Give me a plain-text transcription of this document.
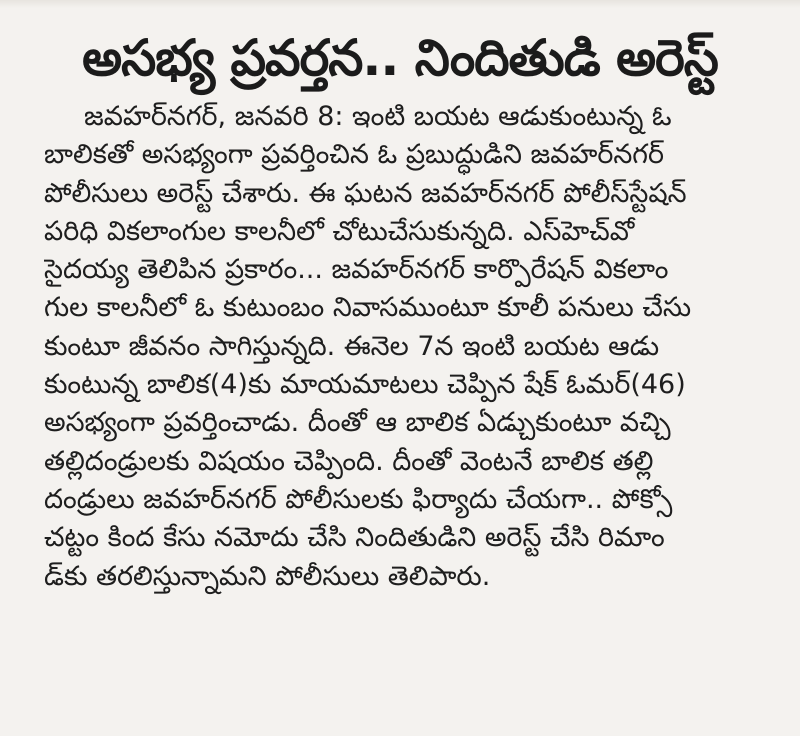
అసభ్య ప్రవర్తన.. నిందితుడి అరెస్ట్
జవహర్‌నగర్, జనవరి 8: ఇంటి బయట ఆడుకుంటున్న ఓ
బాలికతో అసభ్యంగా ప్రవర్తించిన ఓ ప్రబుద్ధుడిని జవహర్‌నగర్
పోలీసులు అరెస్ట్ చేశారు. ఈ ఘటన జవహర్‌నగర్ పోలీస్‌స్టేషన్
పరిధి వికలాంగుల కాలనీలో చోటుచేసుకున్నది. ఎస్‌హెచ్‌వో
సైదయ్య తెలిపిన ప్రకారం... జవహర్‌నగర్ కార్పొరేషన్ వికలాం
గుల కాలనీలో ఓ కుటుంబం నివాసముంటూ కూలీ పనులు చేసు
కుంటూ జీవనం సాగిస్తున్నది. ఈనెల 7న ఇంటి బయట ఆడు
కుంటున్న బాలిక(4)కు మాయమాటలు చెప్పిన షేక్ ఓమర్(46)
అసభ్యంగా ప్రవర్తించాడు. దీంతో ఆ బాలిక ఏడ్చుకుంటూ వచ్చి
తల్లిదండ్రులకు విషయం చెప్పింది. దీంతో వెంటనే బాలిక తల్లి
దండ్రులు జవహర్‌నగర్ పోలీసులకు ఫిర్యాదు చేయగా.. పోక్సో
చట్టం కింద కేసు నమోదు చేసి నిందితుడిని అరెస్ట్ చేసి రిమాం
డ్‌కు తరలిస్తున్నామని పోలీసులు తెలిపారు.
